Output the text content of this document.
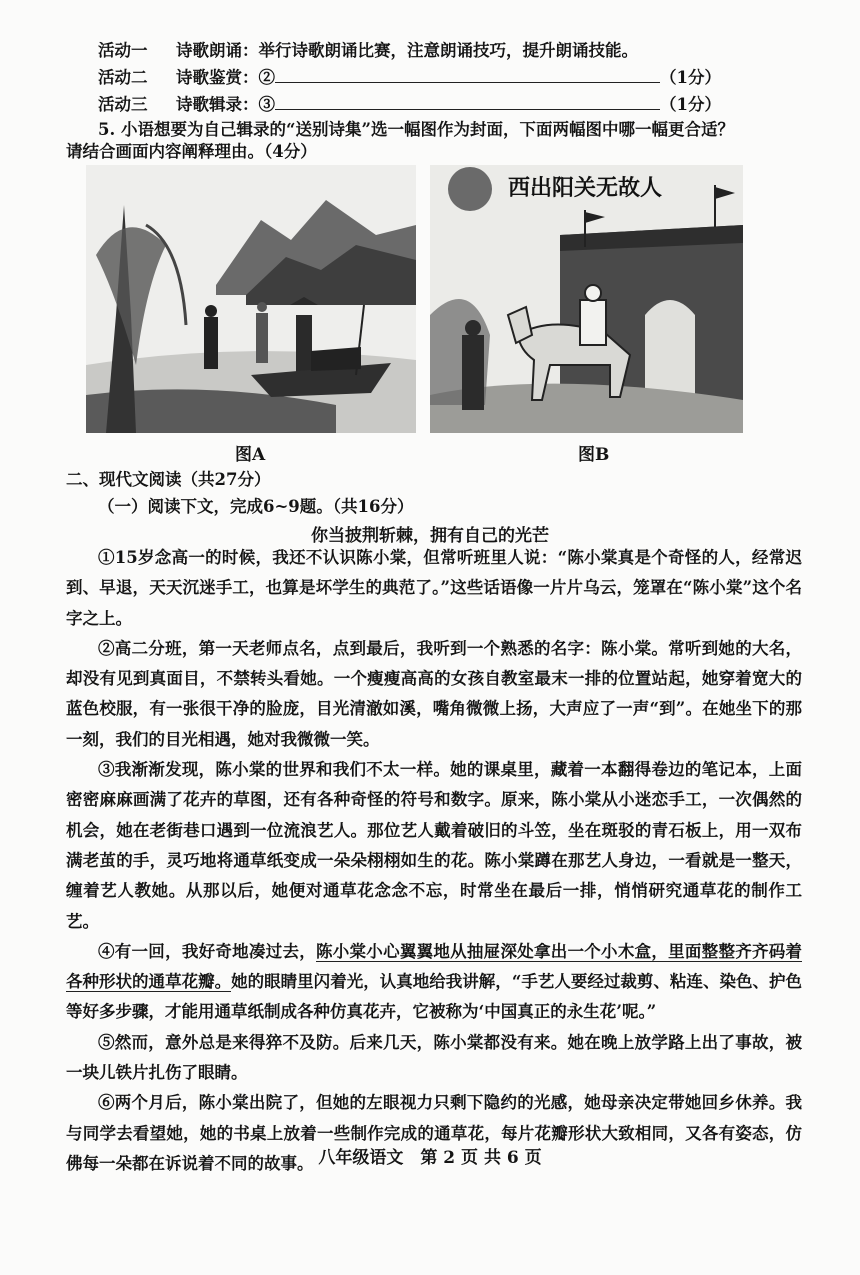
活动一 诗歌朗诵：举行诗歌朗诵比赛，注意朗诵技巧，提升朗诵技能。
活动二 诗歌鉴赏：②	（1分）
活动三 诗歌辑录：③	（1分）
5. 小语想要为自己辑录的“送别诗集”选一幅图作为封面，下面两幅图中哪一幅更合适？
请结合画面内容阐释理由。（4分）
图A
西出阳关无故人
图B
二、现代文阅读（共27分）
（一）阅读下文，完成6~9题。（共16分）
你当披荆斩棘，拥有自己的光芒

①15岁念高一的时候，我还不认识陈小棠，但常听班里人说：“陈小棠真是个奇怪的人，经常迟到、早退，天天沉迷手工，也算是坏学生的典范了。”这些话语像一片片乌云，笼罩在“陈小棠”这个名字之上。

②高二分班，第一天老师点名，点到最后，我听到一个熟悉的名字：陈小棠。常听到她的大名，却没有见到真面目，不禁转头看她。一个瘦瘦高高的女孩自教室最末一排的位置站起，她穿着宽大的蓝色校服，有一张很干净的脸庞，目光清澈如溪，嘴角微微上扬，大声应了一声“到”。在她坐下的那一刻，我们的目光相遇，她对我微微一笑。

③我渐渐发现，陈小棠的世界和我们不太一样。她的课桌里，藏着一本翻得卷边的笔记本，上面密密麻麻画满了花卉的草图，还有各种奇怪的符号和数字。原来，陈小棠从小迷恋手工，一次偶然的机会，她在老街巷口遇到一位流浪艺人。那位艺人戴着破旧的斗笠，坐在斑驳的青石板上，用一双布满老茧的手，灵巧地将通草纸变成一朵朵栩栩如生的花。陈小棠蹲在那艺人身边，一看就是一整天，缠着艺人教她。从那以后，她便对通草花念念不忘，时常坐在最后一排，悄悄研究通草花的制作工艺。

④有一回，我好奇地凑过去，陈小棠小心翼翼地从抽屉深处拿出一个小木盒，里面整整齐齐码着各种形状的通草花瓣。她的眼睛里闪着光，认真地给我讲解，“手艺人要经过裁剪、粘连、染色、护色等好多步骤，才能用通草纸制成各种仿真花卉，它被称为‘中国真正的永生花’呢。”

⑤然而，意外总是来得猝不及防。后来几天，陈小棠都没有来。她在晚上放学路上出了事故，被一块儿铁片扎伤了眼睛。

⑥两个月后，陈小棠出院了，但她的左眼视力只剩下隐约的光感，她母亲决定带她回乡休养。我与同学去看望她，她的书桌上放着一些制作完成的通草花，每片花瓣形状大致相同，又各有姿态，仿佛每一朵都在诉说着不同的故事。 八年级语文　第 2 页 共 6 页
